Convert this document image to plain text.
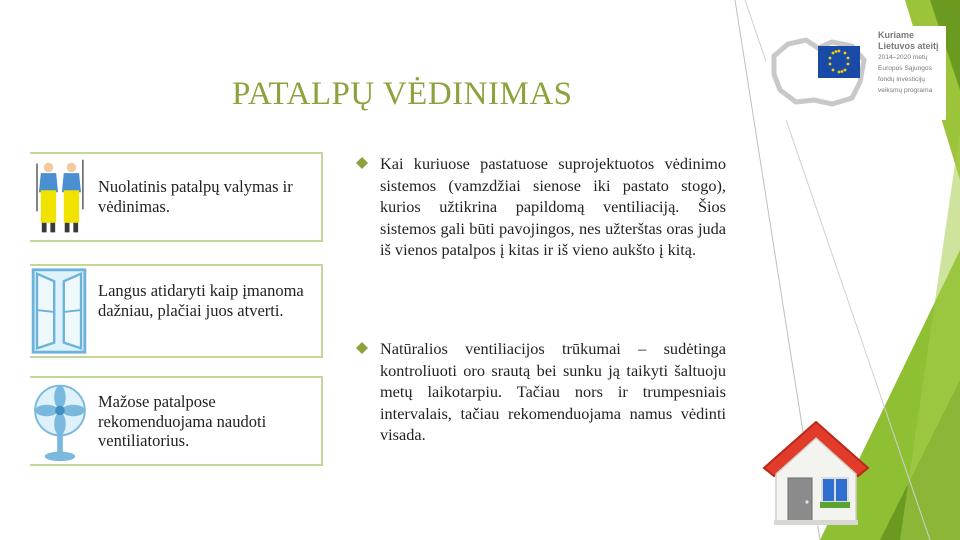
Kuriame
Lietuvos ateitį
2014–2020 metų
Europos Sąjungos
fondų investicijų
veiksmų programa
PATALPŲ VĖDINIMAS
Nuolatinis patalpų valymas ir vėdinimas.
Langus atidaryti kaip įmanoma dažniau, plačiai juos atverti.
Mažose patalpose rekomenduojama naudoti ventiliatorius.
Kai kuriuose pastatuose suprojektuotos vėdinimo sistemos (vamzdžiai sienose iki pastato stogo), kurios užtikrina papildomą ventiliaciją. Šios sistemos gali būti pavojingos, nes užterštas oras juda iš vienos patalpos į kitas ir iš vieno aukšto į kitą.
Natūralios ventiliacijos trūkumai – sudėtinga kontroliuoti oro srautą bei sunku ją taikyti šaltuoju metų laikotarpiu. Tačiau nors ir trumpesniais intervalais, tačiau rekomenduojama namus vėdinti visada.
